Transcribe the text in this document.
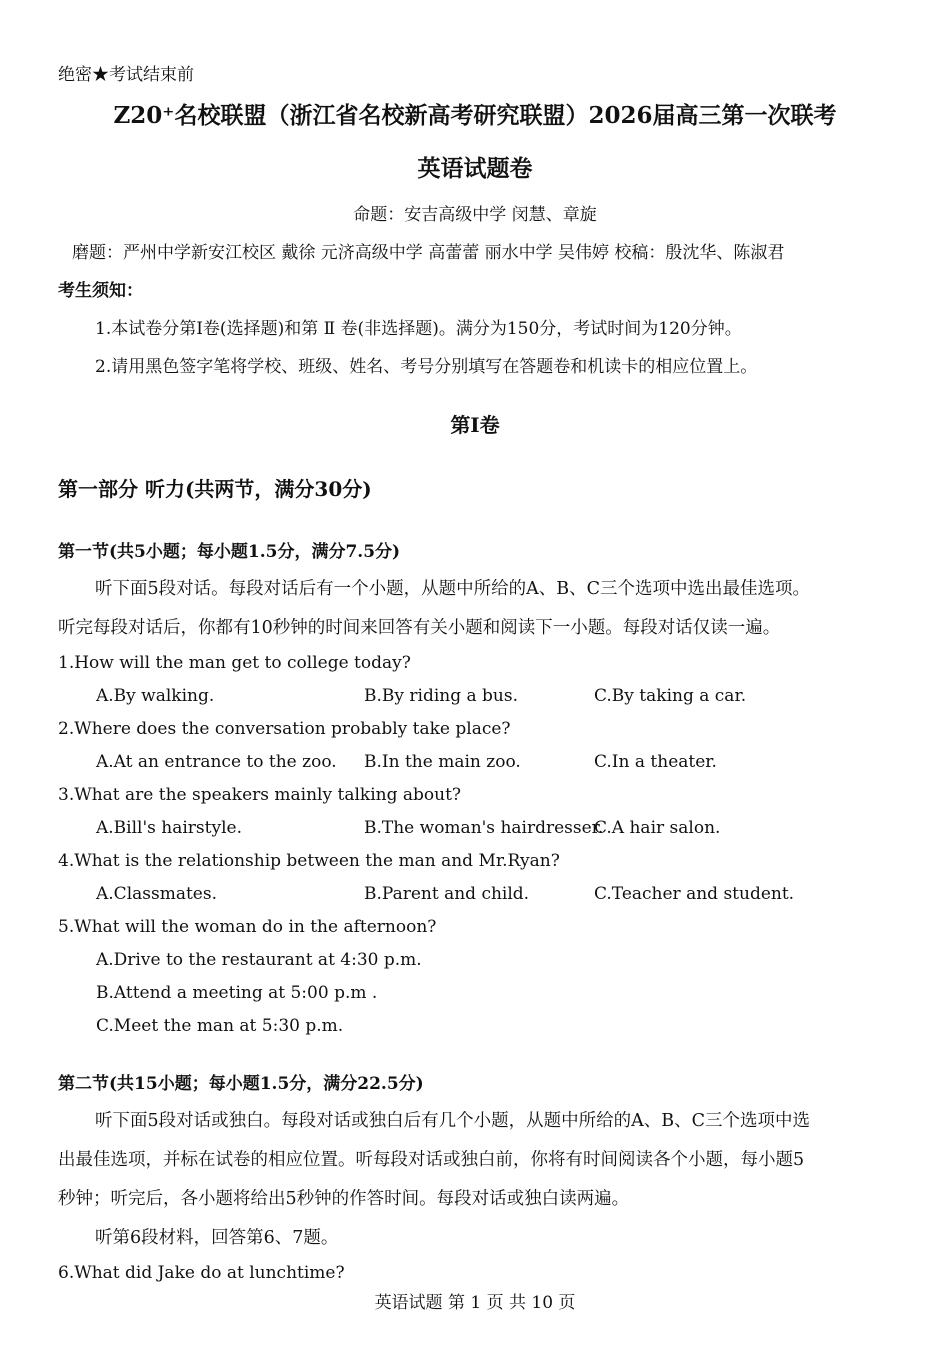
绝密★考试结束前
Z20⁺名校联盟（浙江省名校新高考研究联盟）2026届高三第一次联考
英语试题卷
命题：安吉高级中学 闵慧、章旋
磨题：严州中学新安江校区 戴徐 元济高级中学 高蕾蕾 丽水中学 吴伟婷 校稿：殷沈华、陈淑君
考生须知：
1.本试卷分第Ⅰ卷(选择题)和第 Ⅱ 卷(非选择题)。满分为150分，考试时间为120分钟。
2.请用黑色签字笔将学校、班级、姓名、考号分别填写在答题卷和机读卡的相应位置上。
第Ⅰ卷
第一部分 听力(共两节，满分30分)
第一节(共5小题；每小题1.5分，满分7.5分)
听下面5段对话。每段对话后有一个小题，从题中所给的A、B、C三个选项中选出最佳选项。
听完每段对话后，你都有10秒钟的时间来回答有关小题和阅读下一小题。每段对话仅读一遍。
1.How will the man get to college today?
A.By walking.	B.By riding a bus.	C.By taking a car.
2.Where does the conversation probably take place?
A.At an entrance to the zoo. B.In the main zoo.	C.In a theater.
3.What are the speakers mainly talking about?
A.Bill's hairstyle.	B.The woman's hairdresser.
C.A hair salon.
4.What is the relationship between the man and Mr.Ryan?
A.Classmates.	B.Parent and child.	C.Teacher and student.
5.What will the woman do in the afternoon?
A.Drive to the restaurant at 4:30 p.m.
B.Attend a meeting at 5:00 p.m .
C.Meet the man at 5:30 p.m.
第二节(共15小题；每小题1.5分，满分22.5分)
听下面5段对话或独白。每段对话或独白后有几个小题，从题中所给的A、B、C三个选项中选
出最佳选项，并标在试卷的相应位置。听每段对话或独白前，你将有时间阅读各个小题，每小题5
秒钟；听完后，各小题将给出5秒钟的作答时间。每段对话或独白读两遍。
听第6段材料，回答第6、7题。
6.What did Jake do at lunchtime?
英语试题 第 1 页 共 10 页
